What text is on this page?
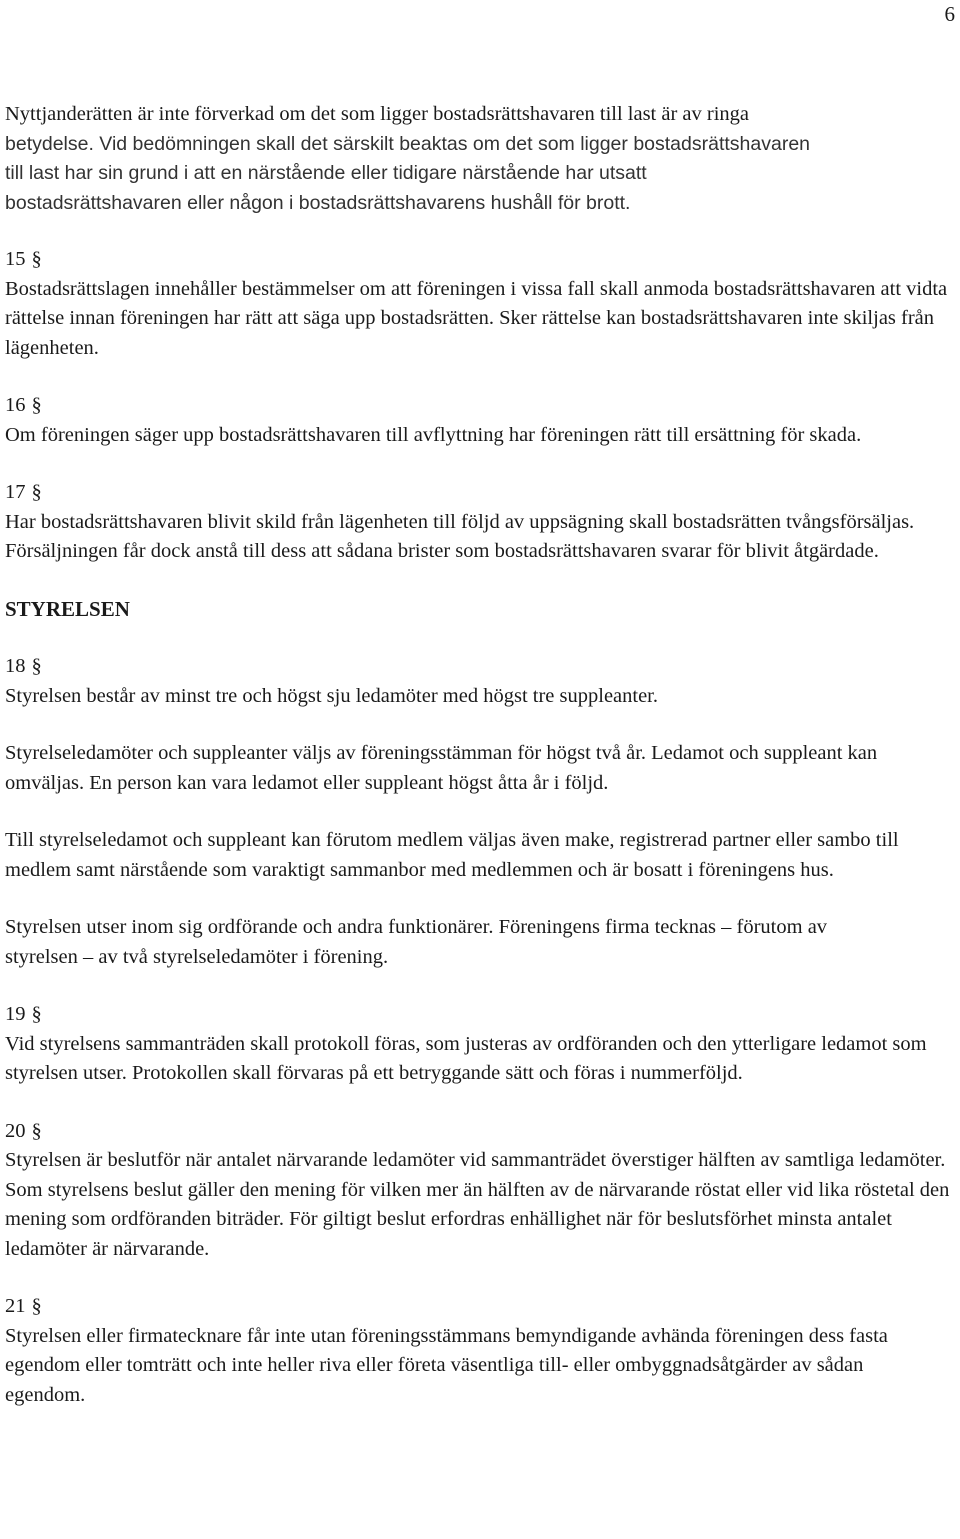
6
Nyttjanderätten är inte förverkad om det som ligger bostadsrättshavaren till last är av ringa
betydelse. Vid bedömningen skall det särskilt beaktas om det som ligger bostadsrättshavaren
till last har sin grund i att en närstående eller tidigare närstående har utsatt
bostadsrättshavaren eller någon i bostadsrättshavarens hushåll för brott.
15 §
Bostadsrättslagen innehåller bestämmelser om att föreningen i vissa fall skall anmoda bostadsrättshavaren att vidta rättelse innan föreningen har rätt att säga upp bostadsrätten. Sker rättelse kan bostadsrättshavaren inte skiljas från lägenheten.
16 §
Om föreningen säger upp bostadsrättshavaren till avflyttning har föreningen rätt till ersättning för skada.
17 §
Har bostadsrättshavaren blivit skild från lägenheten till följd av uppsägning skall bostadsrätten tvångsförsäljas. Försäljningen får dock anstå till dess att sådana brister som bostadsrättshavaren svarar för blivit åtgärdade.
STYRELSEN
18 §
Styrelsen består av minst tre och högst sju ledamöter med högst tre suppleanter.
Styrelseledamöter och suppleanter väljs av föreningsstämman för högst två år. Ledamot och suppleant kan omväljas. En person kan vara ledamot eller suppleant högst åtta år i följd.
Till styrelseledamot och suppleant kan förutom medlem väljas även make, registrerad partner eller sambo till medlem samt närstående som varaktigt sammanbor med medlemmen och är bosatt i föreningens hus.
Styrelsen utser inom sig ordförande och andra funktionärer. Föreningens firma tecknas – förutom av styrelsen – av två styrelseledamöter i förening.
19 §
Vid styrelsens sammanträden skall protokoll föras, som justeras av ordföranden och den ytterligare ledamot som styrelsen utser. Protokollen skall förvaras på ett betryggande sätt och föras i nummerföljd.
20 §
Styrelsen är beslutför när antalet närvarande ledamöter vid sammanträdet överstiger hälften av samtliga ledamöter. Som styrelsens beslut gäller den mening för vilken mer än hälften av de närvarande röstat eller vid lika röstetal den mening som ordföranden biträder. För giltigt beslut erfordras enhällighet när för beslutsförhet minsta antalet ledamöter är närvarande.
21 §
Styrelsen eller firmatecknare får inte utan föreningsstämmans bemyndigande avhända föreningen dess fasta egendom eller tomträtt och inte heller riva eller företa väsentliga till- eller ombyggnadsåtgärder av sådan egendom.
